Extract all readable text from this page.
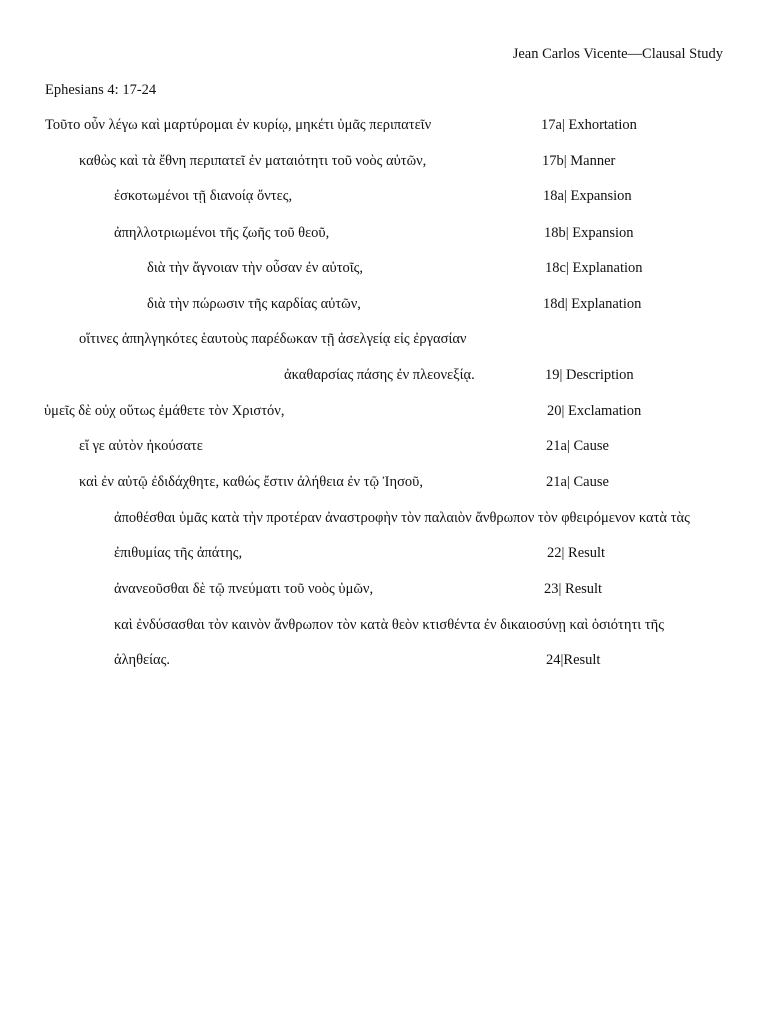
Jean Carlos Vicente—Clausal Study
Ephesians 4: 17-24
Τοῦτο οὖν λέγω καὶ μαρτύρομαι ἐν κυρίῳ, μηκέτι ὑμᾶς περιπατεῖν	17a| Exhortation
καθὼς καὶ τὰ ἔθνη περιπατεῖ ἐν ματαιότητι τοῦ νοὸς αὐτῶν,	17b| Manner
ἐσκοτωμένοι τῇ διανοίᾳ ὄντες,	18a| Expansion
ἀπηλλοτριωμένοι τῆς ζωῆς τοῦ θεοῦ,	18b| Expansion
διὰ τὴν ἄγνοιαν τὴν οὖσαν ἐν αὐτοῖς,	18c| Explanation
διὰ τὴν πώρωσιν τῆς καρδίας αὐτῶν,	18d| Explanation
οἵτινες ἀπηλγηκότες ἑαυτοὺς παρέδωκαν τῇ ἀσελγείᾳ εἰς ἐργασίαν
ἀκαθαρσίας πάσης ἐν πλεονεξίᾳ.	19| Description
ὑμεῖς δὲ οὐχ οὕτως ἐμάθετε τὸν Χριστόν,	20| Exclamation
εἴ γε αὐτὸν ἠκούσατε	21a| Cause
καὶ ἐν αὐτῷ ἐδιδάχθητε, καθώς ἔστιν ἀλήθεια ἐν τῷ Ἰησοῦ,	21a| Cause
ἀποθέσθαι ὑμᾶς κατὰ τὴν προτέραν ἀναστροφὴν τὸν παλαιὸν ἄνθρωπον τὸν φθειρόμενον κατὰ τὰς
ἐπιθυμίας τῆς ἀπάτης,	22| Result
ἀνανεοῦσθαι δὲ τῷ πνεύματι τοῦ νοὸς ὑμῶν,	23| Result
καὶ ἐνδύσασθαι τὸν καινὸν ἄνθρωπον τὸν κατὰ θεὸν κτισθέντα ἐν δικαιοσύνῃ καὶ ὁσιότητι τῆς
ἀληθείας.	24|Result
